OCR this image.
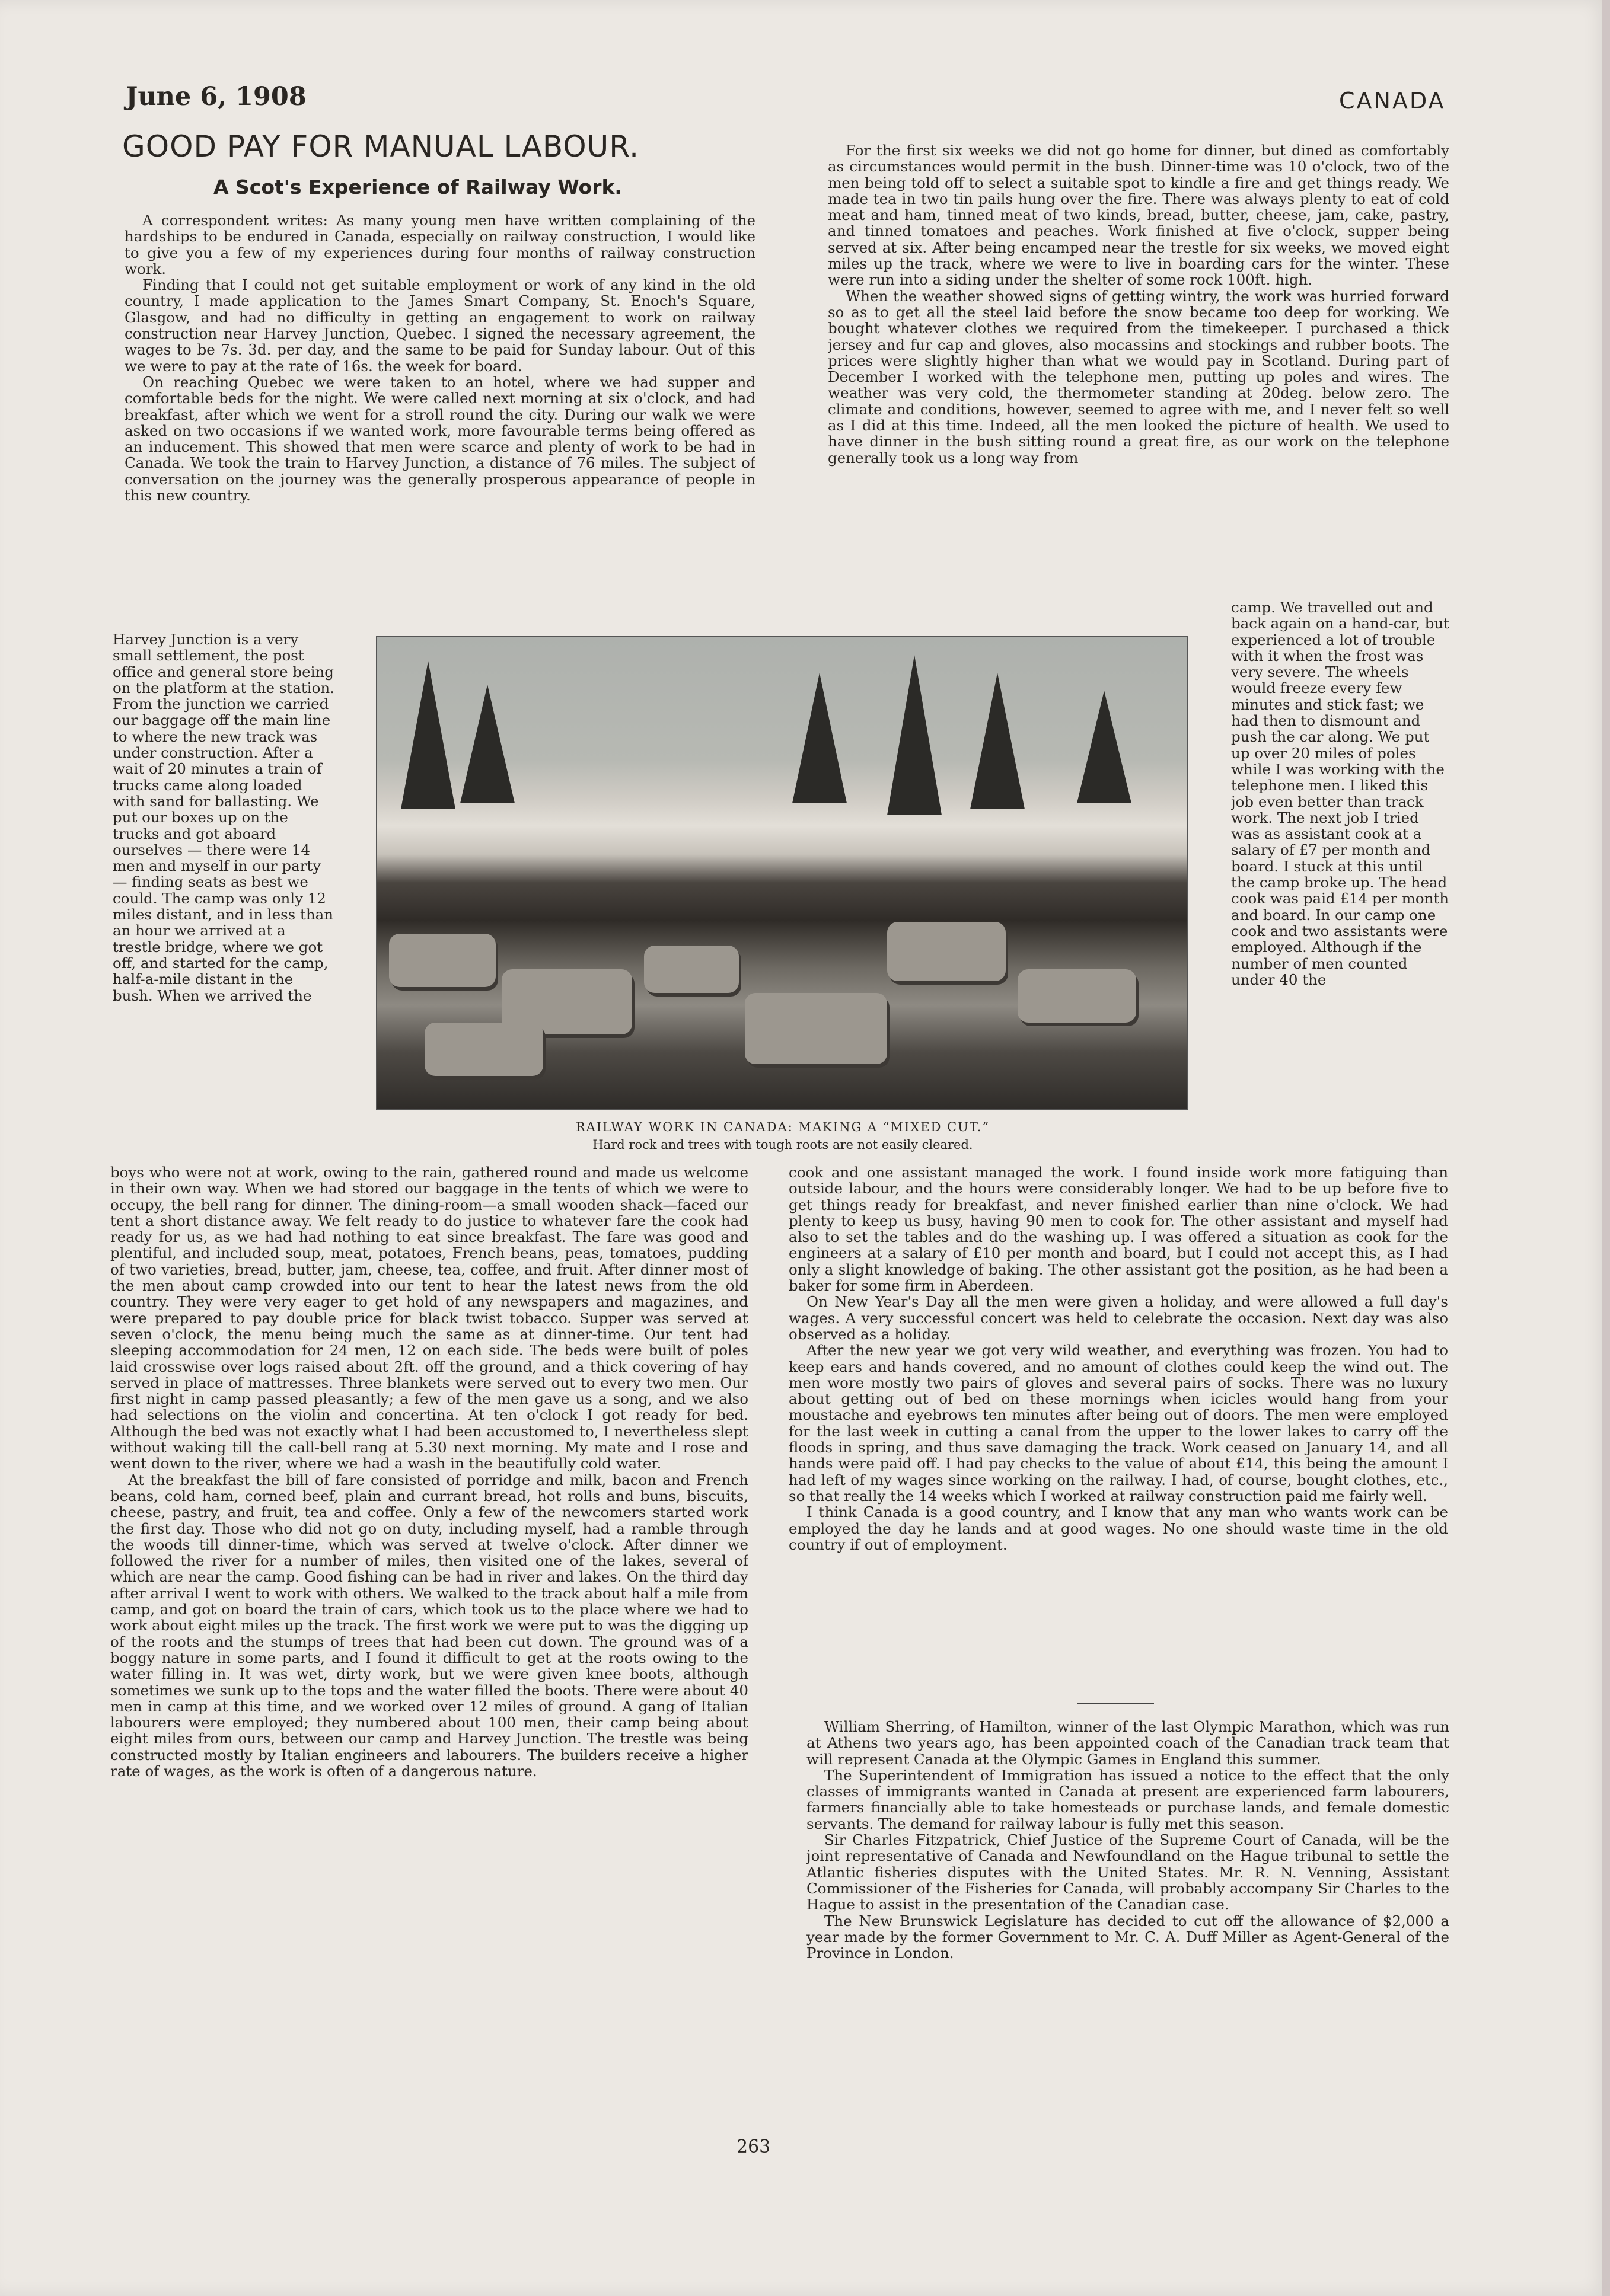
June 6, 1908	CANADA
GOOD PAY FOR MANUAL LABOUR.
A Scot's Experience of Railway Work.

A correspondent writes: As many young men have written complaining of the hardships to be endured in Canada, especially on railway construction, I would like to give you a few of my experiences during four months of railway construction work.

Finding that I could not get suitable employment or work of any kind in the old country, I made application to the James Smart Company, St. Enoch's Square, Glasgow, and had no difficulty in getting an engagement to work on railway construction near Harvey Junction, Quebec. I signed the necessary agreement, the wages to be 7s. 3d. per day, and the same to be paid for Sunday labour. Out of this we were to pay at the rate of 16s. the week for board.

On reaching Quebec we were taken to an hotel, where we had supper and comfortable beds for the night. We were called next morning at six o'clock, and had breakfast, after which we went for a stroll round the city. During our walk we were asked on two occasions if we wanted work, more favourable terms being offered as an inducement. This showed that men were scarce and plenty of work to be had in Canada. We took the train to Harvey Junction, a distance of 76 miles. The subject of conversation on the journey was the generally prosperous appearance of people in this new country.

Harvey Junction is a very small settlement, the post office and general store being on the platform at the station. From the junction we carried our baggage off the main line to where the new track was under construction. After a wait of 20 minutes a train of trucks came along loaded with sand for ballasting. We put our boxes up on the trucks and got aboard ourselves — there were 14 men and myself in our party — finding seats as best we could. The camp was only 12 miles distant, and in less than an hour we arrived at a trestle bridge, where we got off, and started for the camp, half-a-mile distant in the bush. When we arrived the

boys who were not at work, owing to the rain, gathered round and made us welcome in their own way. When we had stored our baggage in the tents of which we were to occupy, the bell rang for dinner. The dining-room—a small wooden shack—faced our tent a short distance away. We felt ready to do justice to whatever fare the cook had ready for us, as we had had nothing to eat since breakfast. The fare was good and plentiful, and included soup, meat, potatoes, French beans, peas, tomatoes, pudding of two varieties, bread, butter, jam, cheese, tea, coffee, and fruit. After dinner most of the men about camp crowded into our tent to hear the latest news from the old country. They were very eager to get hold of any newspapers and magazines, and were prepared to pay double price for black twist tobacco. Supper was served at seven o'clock, the menu being much the same as at dinner-time. Our tent had sleeping accommodation for 24 men, 12 on each side. The beds were built of poles laid crosswise over logs raised about 2ft. off the ground, and a thick covering of hay served in place of mattresses. Three blankets were served out to every two men. Our first night in camp passed pleasantly; a few of the men gave us a song, and we also had selections on the violin and concertina. At ten o'clock I got ready for bed. Although the bed was not exactly what I had been accustomed to, I nevertheless slept without waking till the call-bell rang at 5.30 next morning. My mate and I rose and went down to the river, where we had a wash in the beautifully cold water.

At the breakfast the bill of fare consisted of porridge and milk, bacon and French beans, cold ham, corned beef, plain and currant bread, hot rolls and buns, biscuits, cheese, pastry, and fruit, tea and coffee. Only a few of the newcomers started work the first day. Those who did not go on duty, including myself, had a ramble through the woods till dinner-time, which was served at twelve o'clock. After dinner we followed the river for a number of miles, then visited one of the lakes, several of which are near the camp. Good fishing can be had in river and lakes. On the third day after arrival I went to work with others. We walked to the track about half a mile from camp, and got on board the train of cars, which took us to the place where we had to work about eight miles up the track. The first work we were put to was the digging up of the roots and the stumps of trees that had been cut down. The ground was of a boggy nature in some parts, and I found it difficult to get at the roots owing to the water filling in. It was wet, dirty work, but we were given knee boots, although sometimes we sunk up to the tops and the water filled the boots. There were about 40 men in camp at this time, and we worked over 12 miles of ground. A gang of Italian labourers were employed; they numbered about 100 men, their camp being about eight miles from ours, between our camp and Harvey Junction. The trestle was being constructed mostly by Italian engineers and labourers. The builders receive a higher rate of wages, as the work is often of a dangerous nature.

For the first six weeks we did not go home for dinner, but dined as comfortably as circumstances would permit in the bush. Dinner-time was 10 o'clock, two of the men being told off to select a suitable spot to kindle a fire and get things ready. We made tea in two tin pails hung over the fire. There was always plenty to eat of cold meat and ham, tinned meat of two kinds, bread, butter, cheese, jam, cake, pastry, and tinned tomatoes and peaches. Work finished at five o'clock, supper being served at six. After being encamped near the trestle for six weeks, we moved eight miles up the track, where we were to live in boarding cars for the winter. These were run into a siding under the shelter of some rock 100ft. high.

When the weather showed signs of getting wintry, the work was hurried forward so as to get all the steel laid before the snow became too deep for working. We bought whatever clothes we required from the timekeeper. I purchased a thick jersey and fur cap and gloves, also mocassins and stockings and rubber boots. The prices were slightly higher than what we would pay in Scotland. During part of December I worked with the telephone men, putting up poles and wires. The weather was very cold, the thermometer standing at 20deg. below zero. The climate and conditions, however, seemed to agree with me, and I never felt so well as I did at this time. Indeed, all the men looked the picture of health. We used to have dinner in the bush sitting round a great fire, as our work on the telephone generally took us a long way from

camp. We travelled out and back again on a hand-car, but experienced a lot of trouble with it when the frost was very severe. The wheels would freeze every few minutes and stick fast; we had then to dismount and push the car along. We put up over 20 miles of poles while I was working with the telephone men. I liked this job even better than track work. The next job I tried was as assistant cook at a salary of £7 per month and board. I stuck at this until the camp broke up. The head cook was paid £14 per month and board. In our camp one cook and two assistants were employed. Although if the number of men counted under 40 the

cook and one assistant managed the work. I found inside work more fatiguing than outside labour, and the hours were considerably longer. We had to be up before five to get things ready for breakfast, and never finished earlier than nine o'clock. We had plenty to keep us busy, having 90 men to cook for. The other assistant and myself had also to set the tables and do the washing up. I was offered a situation as cook for the engineers at a salary of £10 per month and board, but I could not accept this, as I had only a slight knowledge of baking. The other assistant got the position, as he had been a baker for some firm in Aberdeen.

On New Year's Day all the men were given a holiday, and were allowed a full day's wages. A very successful concert was held to celebrate the occasion. Next day was also observed as a holiday.

After the new year we got very wild weather, and everything was frozen. You had to keep ears and hands covered, and no amount of clothes could keep the wind out. The men wore mostly two pairs of gloves and several pairs of socks. There was no luxury about getting out of bed on these mornings when icicles would hang from your moustache and eyebrows ten minutes after being out of doors. The men were employed for the last week in cutting a canal from the upper to the lower lakes to carry off the floods in spring, and thus save damaging the track. Work ceased on January 14, and all hands were paid off. I had pay checks to the value of about £14, this being the amount I had left of my wages since working on the railway. I had, of course, bought clothes, etc., so that really the 14 weeks which I worked at railway construction paid me fairly well.

I think Canada is a good country, and I know that any man who wants work can be employed the day he lands and at good wages. No one should waste time in the old country if out of employment.

RAILWAY WORK IN CANADA: MAKING A “MIXED CUT.”
Hard rock and trees with tough roots are not easily cleared.

William Sherring, of Hamilton, winner of the last Olympic Marathon, which was run at Athens two years ago, has been appointed coach of the Canadian track team that will represent Canada at the Olympic Games in England this summer.

The Superintendent of Immigration has issued a notice to the effect that the only classes of immigrants wanted in Canada at present are experienced farm labourers, farmers financially able to take homesteads or purchase lands, and female domestic servants. The demand for railway labour is fully met this season.

Sir Charles Fitzpatrick, Chief Justice of the Supreme Court of Canada, will be the joint representative of Canada and Newfoundland on the Hague tribunal to settle the Atlantic fisheries disputes with the United States. Mr. R. N. Venning, Assistant Commissioner of the Fisheries for Canada, will probably accompany Sir Charles to the Hague to assist in the presentation of the Canadian case.

The New Brunswick Legislature has decided to cut off the allowance of $2,000 a year made by the former Government to Mr. C. A. Duff Miller as Agent-General of the Province in London.

263
